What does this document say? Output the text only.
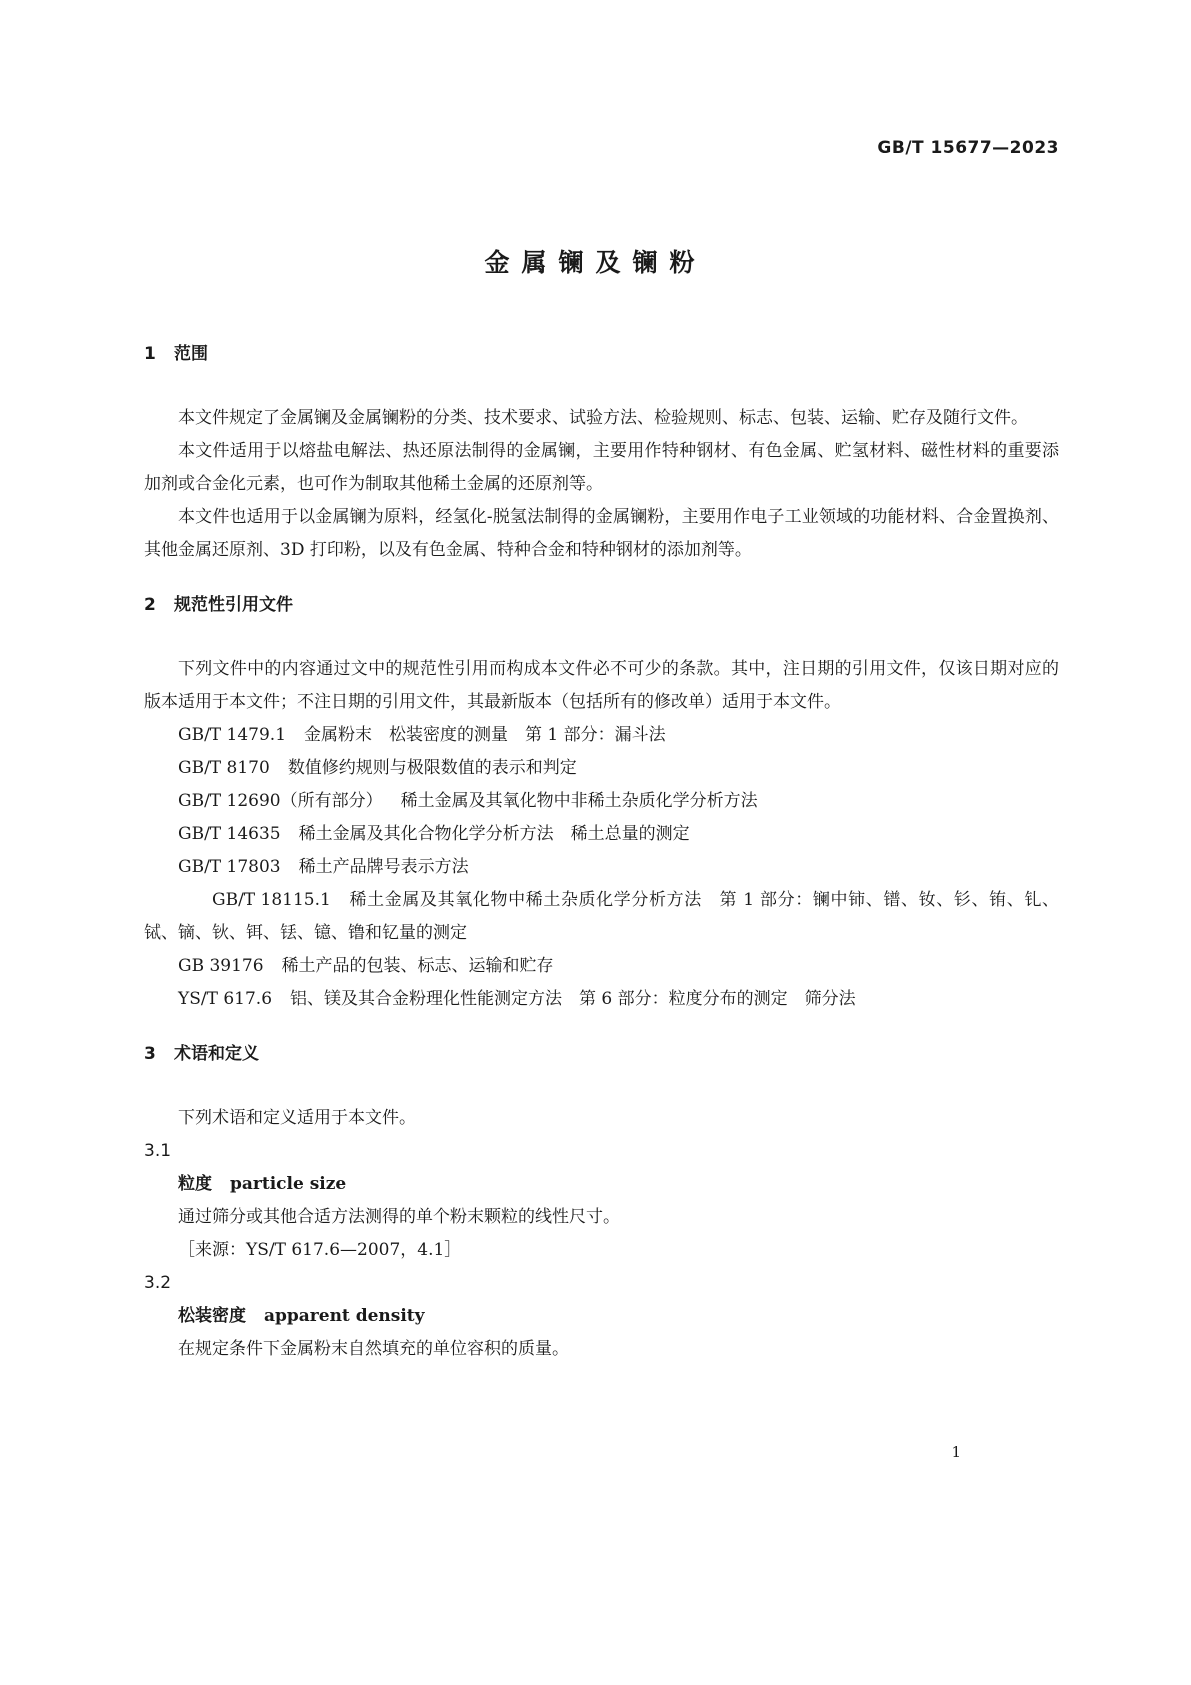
GB/T 15677—2023
金属镧及镧粉
1 范围

本文件规定了金属镧及金属镧粉的分类、技术要求、试验方法、检验规则、标志、包装、运输、贮存及随行文件。

本文件适用于以熔盐电解法、热还原法制得的金属镧，主要用作特种钢材、有色金属、贮氢材料、磁性材料的重要添加剂或合金化元素，也可作为制取其他稀土金属的还原剂等。

本文件也适用于以金属镧为原料，经氢化-脱氢法制得的金属镧粉，主要用作电子工业领域的功能材料、合金置换剂、其他金属还原剂、3D 打印粉，以及有色金属、特种合金和特种钢材的添加剂等。

2 规范性引用文件

下列文件中的内容通过文中的规范性引用而构成本文件必不可少的条款。其中，注日期的引用文件，仅该日期对应的版本适用于本文件；不注日期的引用文件，其最新版本（包括所有的修改单）适用于本文件。

GB/T 1479.1 金属粉末　松装密度的测量　第 1 部分：漏斗法

GB/T 8170 数值修约规则与极限数值的表示和判定

GB/T 12690（所有部分） 稀土金属及其氧化物中非稀土杂质化学分析方法

GB/T 14635 稀土金属及其化合物化学分析方法　稀土总量的测定

GB/T 17803 稀土产品牌号表示方法

GB/T 18115.1 稀土金属及其氧化物中稀土杂质化学分析方法　第 1 部分：镧中铈、镨、钕、钐、铕、钆、铽、镝、钬、铒、铥、镱、镥和钇量的测定

GB 39176 稀土产品的包装、标志、运输和贮存

YS/T 617.6 铝、镁及其合金粉理化性能测定方法　第 6 部分：粒度分布的测定　筛分法

3 术语和定义

下列术语和定义适用于本文件。

3.1

粒度 particle size

通过筛分或其他合适方法测得的单个粉末颗粒的线性尺寸。

［来源：YS/T 617.6—2007，4.1］

3.2

松装密度 apparent density

在规定条件下金属粉末自然填充的单位容积的质量。

1
